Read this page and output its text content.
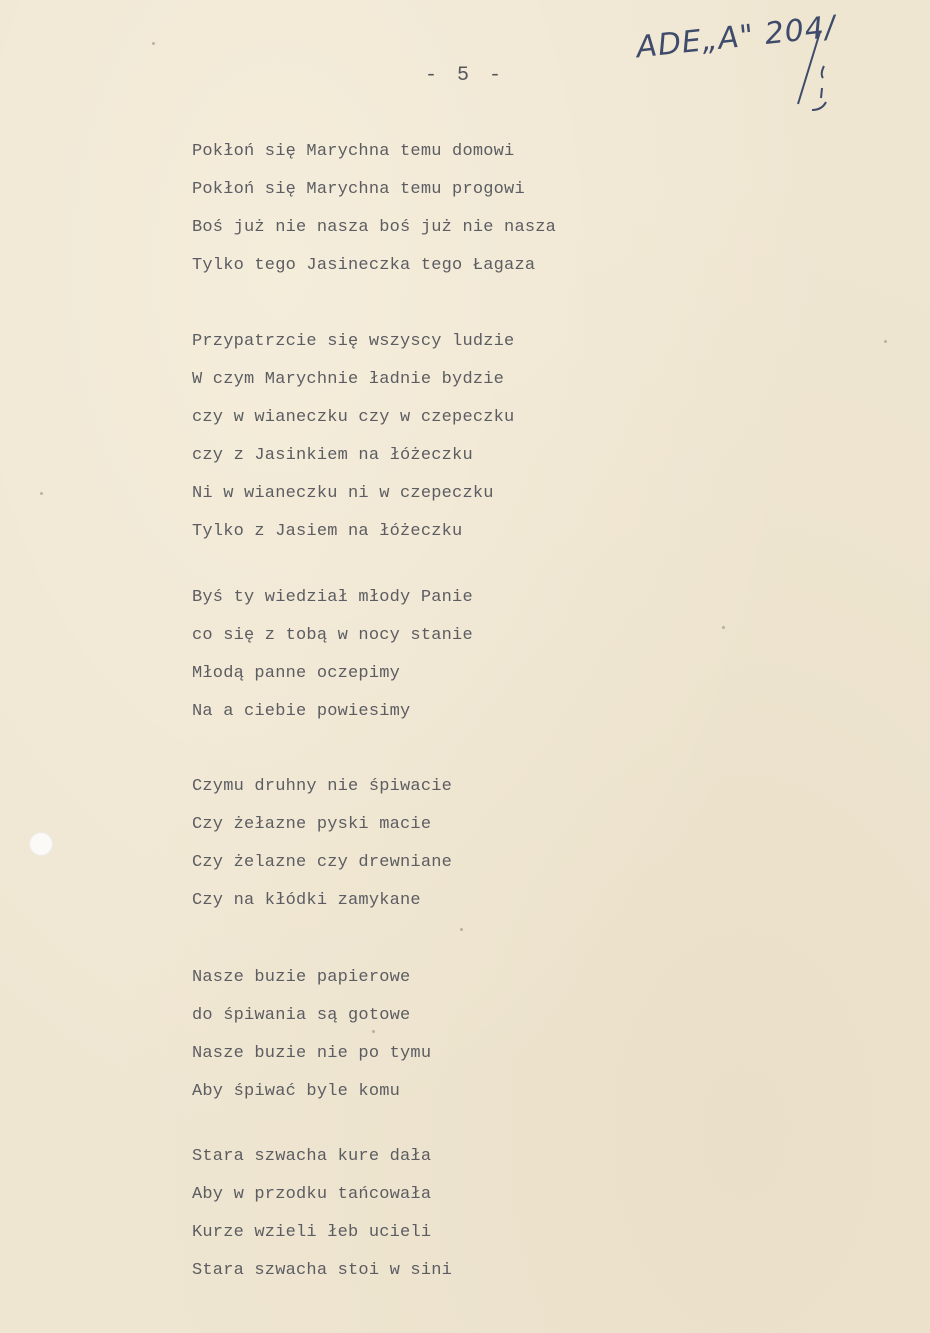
ADE„A" 204/
- 5 -
Pokłoń się Marychna temu domowi
Pokłoń się Marychna temu progowi
Boś już nie nasza boś już nie nasza
Tylko tego Jasineczka tego Łagaza
Przypatrzcie się wszyscy ludzie
W czym Marychnie ładnie bydzie
czy w wianeczku czy w czepeczku
czy z Jasinkiem na łóżeczku
Ni w wianeczku ni w czepeczku
Tylko z Jasiem na łóżeczku
Byś ty wiedział młody Panie
co się z tobą w nocy stanie
Młodą panne oczepimy
Na a ciebie powiesimy
Czymu druhny nie śpiwacie
Czy żełazne pyski macie
Czy żelazne czy drewniane
Czy na kłódki zamykane
Nasze buzie papierowe
do śpiwania są gotowe
Nasze buzie nie po tymu
Aby śpiwać byle komu
Stara szwacha kure dała
Aby w przodku tańcowała
Kurze wzieli łeb ucieli
Stara szwacha stoi w sini
